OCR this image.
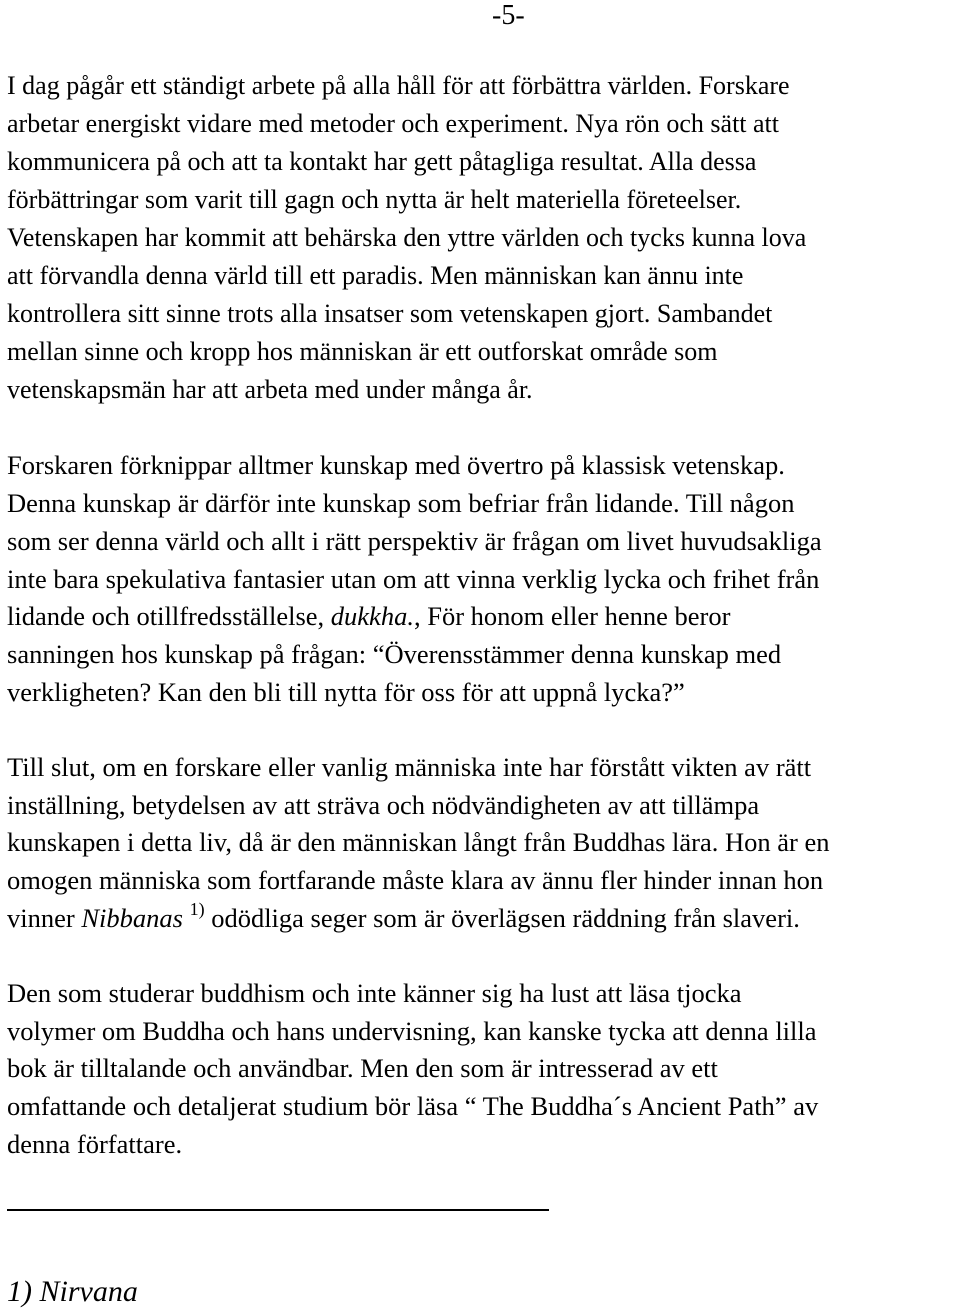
-5-
I dag pågår ett ständigt arbete på alla håll för att förbättra världen. Forskare
arbetar energiskt vidare med metoder och experiment. Nya rön och sätt att
kommunicera på och att ta kontakt har gett påtagliga resultat. Alla dessa
förbättringar som varit till gagn och nytta är helt materiella företeelser.
Vetenskapen har kommit att behärska den yttre världen och tycks kunna lova
att förvandla denna värld till ett paradis. Men människan kan ännu inte
kontrollera sitt sinne trots alla insatser som vetenskapen gjort. Sambandet
mellan sinne och kropp hos människan är ett outforskat område som
vetenskapsmän har att arbeta med under många år.
Forskaren förknippar alltmer kunskap med övertro på klassisk vetenskap.
Denna kunskap är därför inte kunskap som befriar från lidande. Till någon
som ser denna värld och allt i rätt perspektiv är frågan om livet huvudsakliga
inte bara spekulativa fantasier utan om att vinna verklig lycka och frihet från
lidande och otillfredsställelse, dukkha., För honom eller henne beror
sanningen hos kunskap på frågan: “Överensstämmer denna kunskap med
verkligheten? Kan den bli till nytta för oss för att uppnå lycka?”
Till slut, om en forskare eller vanlig människa inte har förstått vikten av rätt
inställning, betydelsen av att sträva och nödvändigheten av att tillämpa
kunskapen i detta liv, då är den människan långt från Buddhas lära. Hon är en
omogen människa som fortfarande måste klara av ännu fler hinder innan hon
vinner Nibbanas $^{1)}$ odödliga seger som är överlägsen räddning från slaveri.
Den som studerar buddhism och inte känner sig ha lust att läsa tjocka
volymer om Buddha och hans undervisning, kan kanske tycka att denna lilla
bok är tilltalande och användbar. Men den som är intresserad av ett
omfattande och detaljerat studium bör läsa “ The Buddha´s Ancient Path” av
denna författare.
1) Nirvana
